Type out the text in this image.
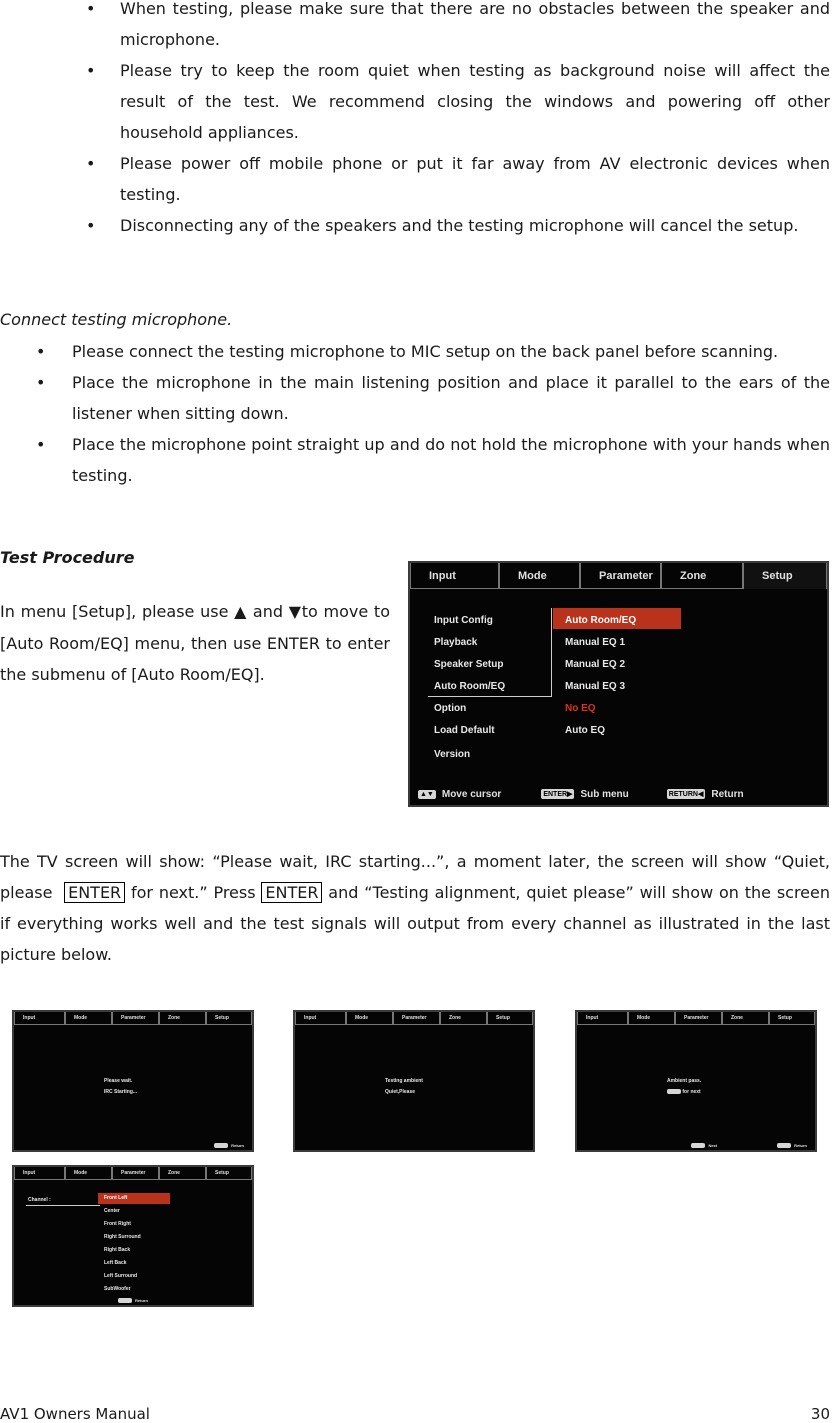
• When testing, please make sure that there are no obstacles between the speaker and microphone.
• Please try to keep the room quiet when testing as background noise will affect the result of the test. We recommend closing the windows and powering off other household appliances.
• Please power off mobile phone or put it far away from AV electronic devices when testing.
• Disconnecting any of the speakers and the testing microphone will cancel the setup.
Connect testing microphone.
• Please connect the testing microphone to MIC setup on the back panel before scanning.
• Place the microphone in the main listening position and place it parallel to the ears of the listener when sitting down.
• Place the microphone point straight up and do not hold the microphone with your hands when testing.
Test Procedure
In menu [Setup], please use ▲ and ▼to move to [Auto Room/EQ] menu, then use ENTER to enter the submenu of [Auto Room/EQ].
Input	Mode	Parameter	Zone	Setup
Input Config
Playback
Speaker Setup
Auto Room/EQ
Option
Load Default
Version
Auto Room/EQ
Manual EQ 1
Manual EQ 2
Manual EQ 3
No EQ
Auto EQ
▲▼ Move cursor	ENTER▶ Sub menu	RETURN◀ Return
The TV screen will show: “Please wait, IRC starting...”, a moment later, the screen will show “Quiet, please ENTER for next.” Press ENTER and “Testing alignment, quiet please” will show on the screen if everything works well and the test signals will output from every channel as illustrated in the last picture below.
Input	Mode	Parameter	Zone	Setup
Please wait.
IRC Starting...
Return
Input	Mode	Parameter	Zone	Setup
Testing ambient
Quiet,Please
Input	Mode	Parameter	Zone	Setup
Ambient pass.
for next
Next	Return
Input	Mode	Parameter	Zone	Setup
Channel :	Front Left
Center
Front Right
Right Surround
Right Back
Left Back
Left Surround
SubWoofer
Return
AV1 Owners Manual	30
